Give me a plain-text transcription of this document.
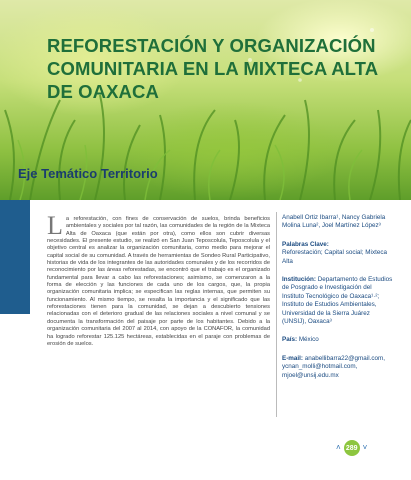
REFORESTACIÓN Y ORGANIZACIÓN
COMUNITARIA EN LA MIXTECA ALTA
DE OAXACA
Eje Temático Territorio
La reforestación, con fines de conservación de suelos, brinda beneficios ambientales y sociales por tal razón, las comunidades de la región de la Mixteca Alta de Oaxaca (que están por otra), como ellos son cubrir diversas necesidades. El presente estudio, se realizó en San Juan Teposcolula, Teposcolula y el objetivo central es analizar la organización comunitaria, como medio para mejorar el capital social de su comunidad. A través de herramientas de Sondeo Rural Participativo, historias de vida de los integrantes de las autoridades comunales y de los recorridos de reconocimiento por las áreas reforestadas, se encontró que el trabajo es el organizado fundamental para llevar a cabo las reforestaciones; asimismo, se comenzaron a la forma de elección y las funciones de cada uno de los cargos, que, la propia organización comunitaria implica; se especifican las reglas internas, que permiten su funcionamiento. Al mismo tiempo, se resalta la importancia y el significado que las reforestaciones tienen para la comunidad, se dejan a descubierto tensiones relacionadas con el deterioro gradual de las relaciones sociales a nivel comunal y se documenta la transformación del paisaje por parte de los habitantes. Debido a la organización comunitaria del 2007 al 2014, con apoyo de la CONAFOR, la comunidad ha logrado reforestar 125.125 hectáreas, establecidas en el paraje con problemas de erosión de suelos.

Anabell Ortiz Ibarra¹, Nancy Gabriela Molina Luna², Joel Martínez López³

Palabras Clave:
Reforestación; Capital social; Mixteca Alta

Institución: Departamento de Estudios de Posgrado e Investigación del Instituto Tecnológico de Oaxaca¹·²; Instituto de Estudios Ambientales, Universidad de la Sierra Juárez (UNSIJ), Oaxaca³

País: México

E-mail: anabellibarra22@gmail.com, ycnan_molli@hotmail.com, mjoel@unsij.edu.mx

˄ 289 ˅
